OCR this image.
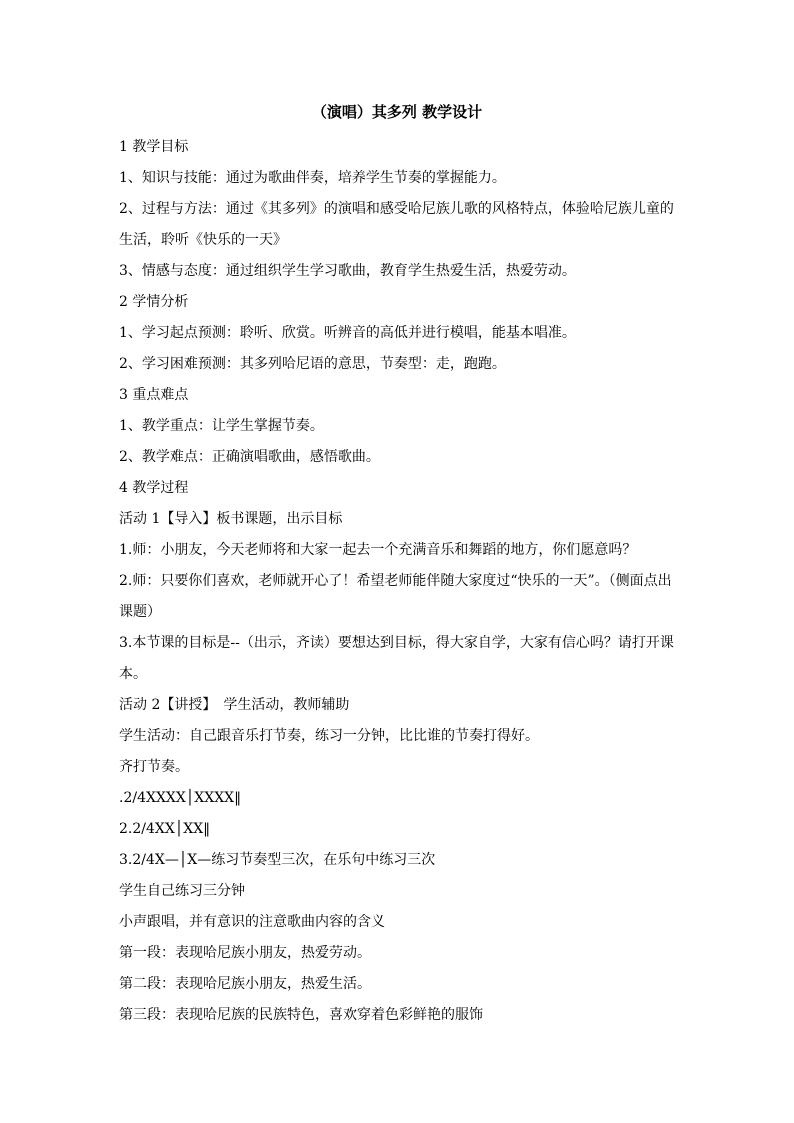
（演唱）其多列 教学设计
1 教学目标
1、知识与技能：通过为歌曲伴奏，培养学生节奏的掌握能力。
2、过程与方法：通过《其多列》的演唱和感受哈尼族儿歌的风格特点，体验哈尼族儿童的
生活，聆听《快乐的一天》
3、情感与态度：通过组织学生学习歌曲，教育学生热爱生活，热爱劳动。
2 学情分析
1、学习起点预测：聆听、欣赏。听辨音的高低并进行模唱，能基本唱准。
2、学习困难预测：其多列哈尼语的意思，节奏型：走，跑跑。
3 重点难点
1、教学重点：让学生掌握节奏。
2、教学难点：正确演唱歌曲，感悟歌曲。
4 教学过程
活动 1【导入】板书课题，出示目标
1.师：小朋友，今天老师将和大家一起去一个充满音乐和舞蹈的地方，你们愿意吗？
2.师：只要你们喜欢，老师就开心了！希望老师能伴随大家度过“快乐的一天”。（侧面点出
课题）
3.本节课的目标是--（出示，齐读）要想达到目标，得大家自学，大家有信心吗？请打开课
本。
活动 2【讲授】　学生活动，教师辅助
学生活动：自己跟音乐打节奏，练习一分钟，比比谁的节奏打得好。
齐打节奏。
.2/4XXXX│XXXX‖
2.2/4XX│XX‖
3.2/4X—│X—练习节奏型三次，在乐句中练习三次
学生自己练习三分钟
小声跟唱，并有意识的注意歌曲内容的含义
第一段：表现哈尼族小朋友，热爱劳动。
第二段：表现哈尼族小朋友，热爱生活。
第三段：表现哈尼族的民族特色，喜欢穿着色彩鲜艳的服饰
